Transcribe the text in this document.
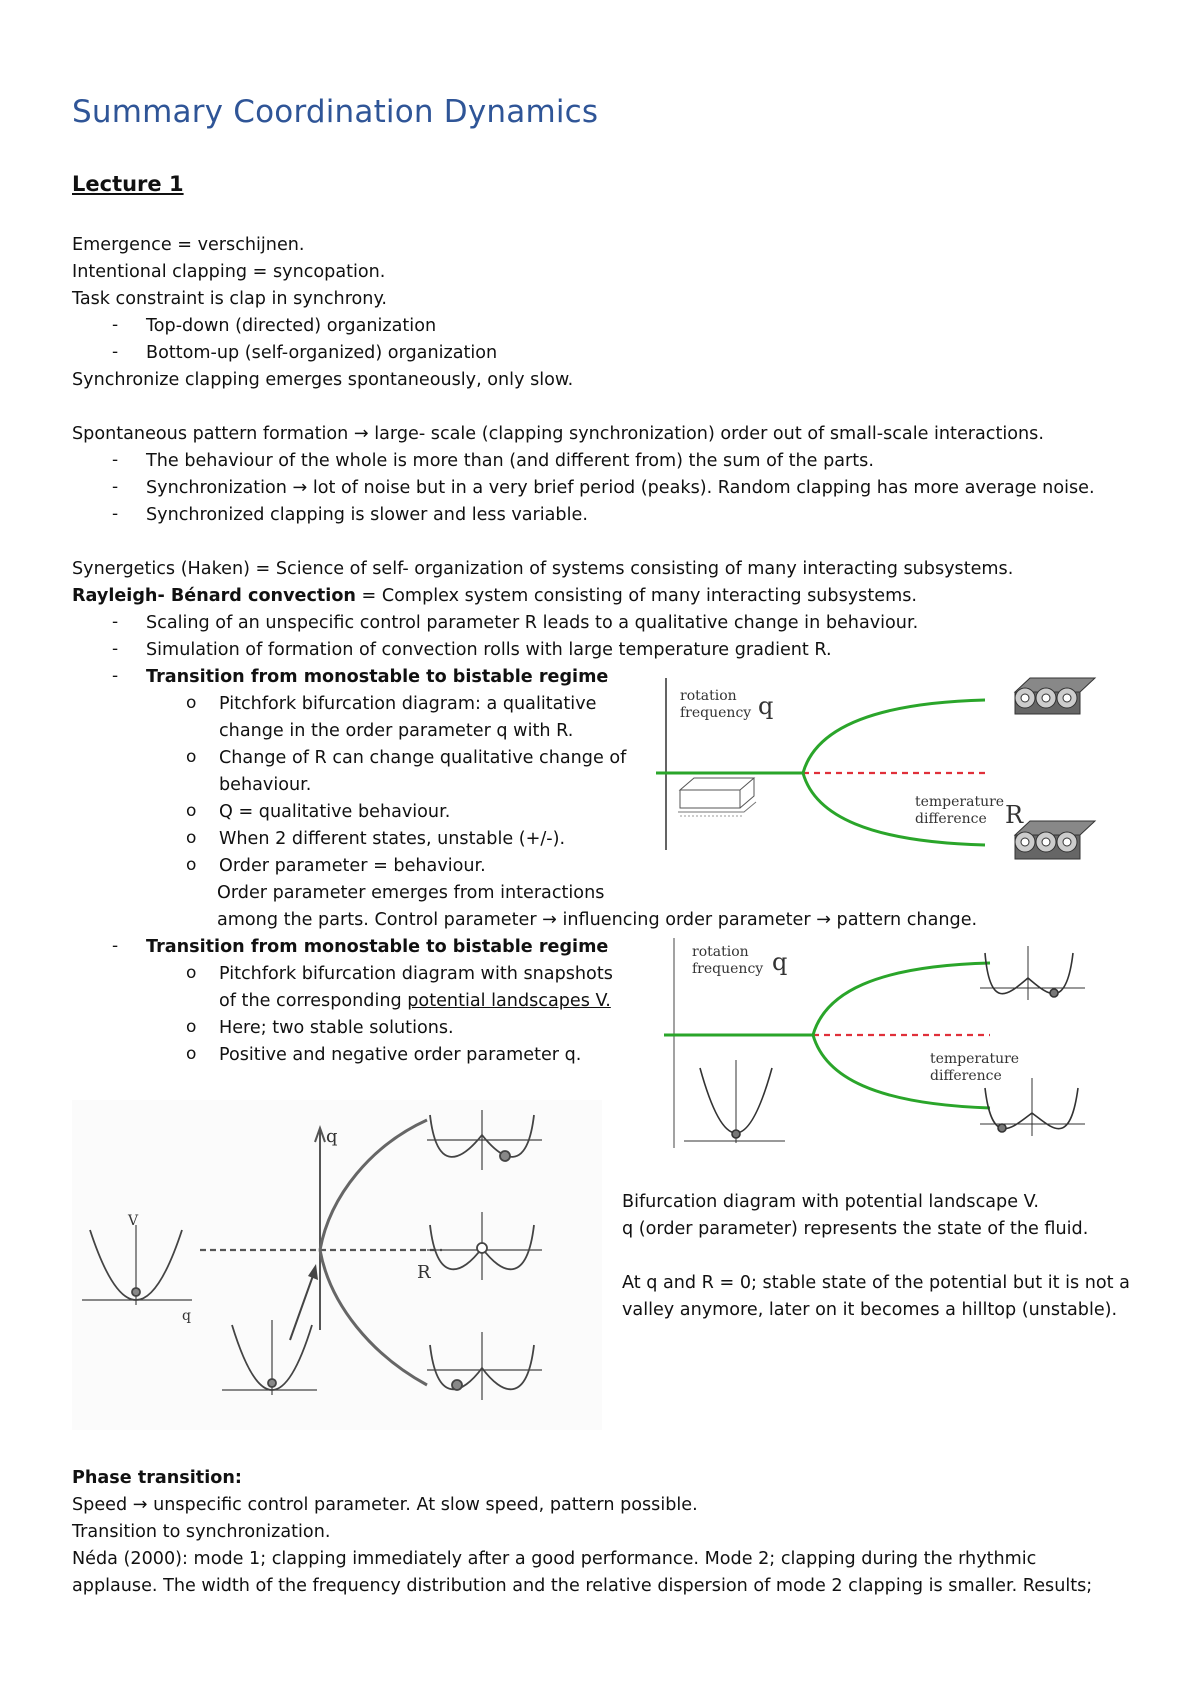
Summary Coordination Dynamics
Lecture 1
Emergence = verschijnen.
Intentional clapping = syncopation.
Task constraint is clap in synchrony.
- Top-down (directed) organization
- Bottom-up (self-organized) organization
Synchronize clapping emerges spontaneously, only slow.
Spontaneous pattern formation → large- scale (clapping synchronization) order out of small-scale interactions.
- The behaviour of the whole is more than (and different from) the sum of the parts.
- Synchronization → lot of noise but in a very brief period (peaks). Random clapping has more average noise.
- Synchronized clapping is slower and less variable.
Synergetics (Haken) = Science of self- organization of systems consisting of many interacting subsystems.
Rayleigh- Bénard convection = Complex system consisting of many interacting subsystems.
- Scaling of an unspecific control parameter R leads to a qualitative change in behaviour.
- Simulation of formation of convection rolls with large temperature gradient R.
- Transition from monostable to bistable regime
o Pitchfork bifurcation diagram: a qualitative
change in the order parameter q with R.
o Change of R can change qualitative change of
behaviour.
o Q = qualitative behaviour.
o When 2 different states, unstable (+/-).
o Order parameter = behaviour.
Order parameter emerges from interactions
among the parts. Control parameter → influencing order parameter → pattern change.
- Transition from monostable to bistable regime
o Pitchfork bifurcation diagram with snapshots
of the corresponding potential landscapes V.
o Here; two stable solutions.
o Positive and negative order parameter q.
Bifurcation diagram with potential landscape V.
q (order parameter) represents the state of the fluid.
At q and R = 0; stable state of the potential but it is not a
valley anymore, later on it becomes a hilltop (unstable).
Phase transition:
Speed → unspecific control parameter. At slow speed, pattern possible.
Transition to synchronization.
Néda (2000): mode 1; clapping immediately after a good performance. Mode 2; clapping during the rhythmic
applause. The width of the frequency distribution and the relative dispersion of mode 2 clapping is smaller. Results;
rotation
frequency q
temperature
difference R
rotation
frequency q
temperature
difference
q
R
V
q
